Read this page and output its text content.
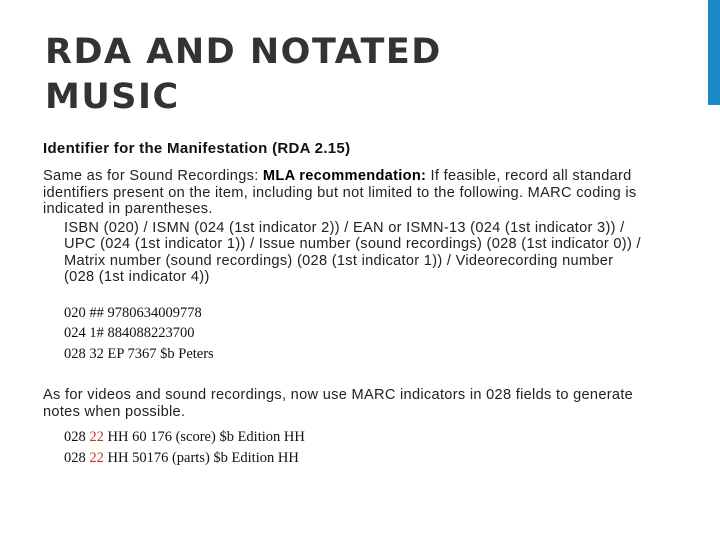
RDA AND NOTATED
MUSIC

Identifier for the Manifestation (RDA 2.15)

Same as for Sound Recordings: MLA recommendation: If feasible, record all standard identifiers present on the item, including but not limited to the following. MARC coding is indicated in parentheses.

ISBN (020) / ISMN (024 (1st indicator 2)) / EAN or ISMN-13 (024 (1st indicator 3)) / UPC (024 (1st indicator 1)) / Issue number (sound recordings) (028 (1st indicator 0)) / Matrix number (sound recordings) (028 (1st indicator 1)) / Videorecording number (028 (1st indicator 4))

020 ## 9780634009778
024 1# 884088223700
028 32 EP 7367 $b Peters

As for videos and sound recordings, now use MARC indicators in 028 fields to generate notes when possible.

028 22 HH 60 176 (score) $b Edition HH
028 22 HH 50176 (parts) $b Edition HH
